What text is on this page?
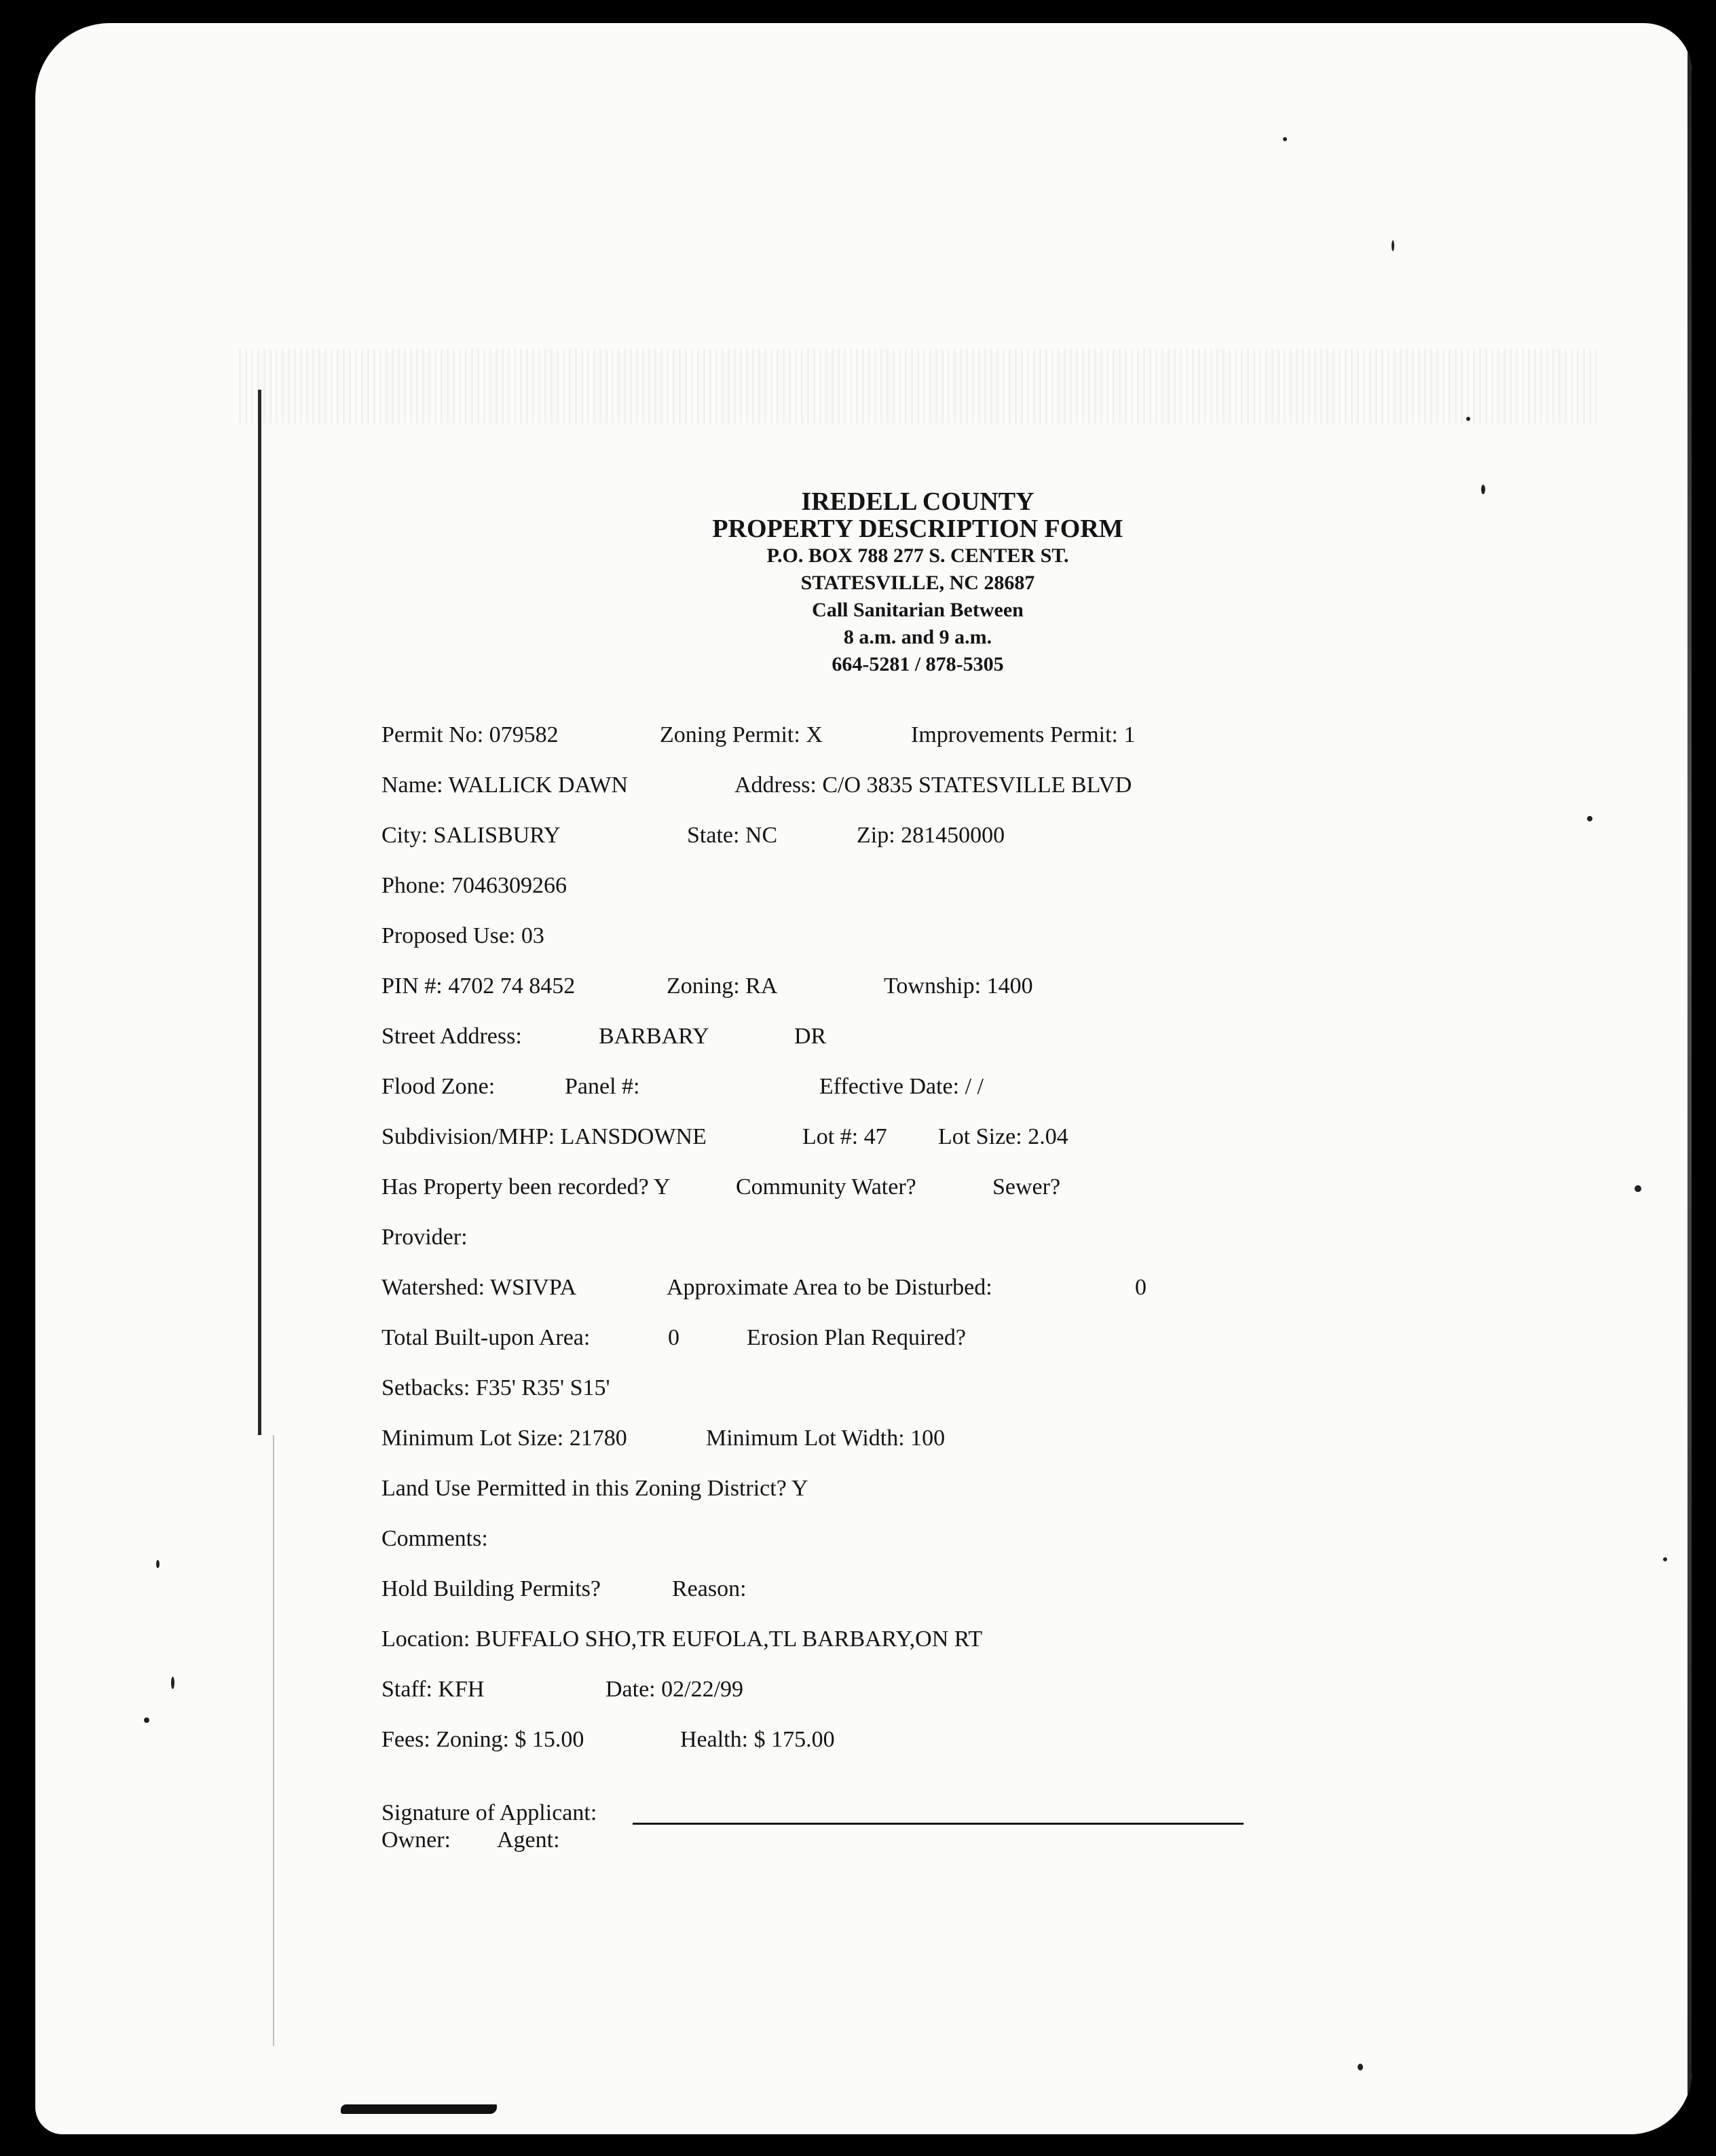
IREDELL COUNTY
PROPERTY DESCRIPTION FORM
P.O. BOX 788 277 S. CENTER ST.
STATESVILLE, NC 28687
Call Sanitarian Between
8 a.m. and 9 a.m.
664-5281 / 878-5305
Permit No: 079582	Zoning Permit: X	Improvements Permit: 1
Name: WALLICK DAWN	Address: C/O 3835 STATESVILLE BLVD
City: SALISBURY	State: NC	Zip: 281450000
Phone: 7046309266
Proposed Use: 03
PIN #: 4702 74 8452	Zoning: RA	Township: 1400
Street Address:	BARBARY	DR
Flood Zone:	Panel #:	Effective Date: / /
Subdivision/MHP: LANSDOWNE	Lot #: 47 Lot Size: 2.04
Has Property been recorded? Y	Community Water?	Sewer?
Provider:
Watershed: WSIVPA	Approximate Area to be Disturbed:	0
Total Built-upon Area:	0	Erosion Plan Required?
Setbacks: F35' R35' S15'
Minimum Lot Size: 21780	Minimum Lot Width: 100
Land Use Permitted in this Zoning District? Y
Comments:
Hold Building Permits?	Reason:
Location: BUFFALO SHO,TR EUFOLA,TL BARBARY,ON RT
Staff: KFH	Date: 02/22/99
Fees: Zoning: $ 15.00	Health: $ 175.00
Signature of Applicant:
Owner: Agent:
